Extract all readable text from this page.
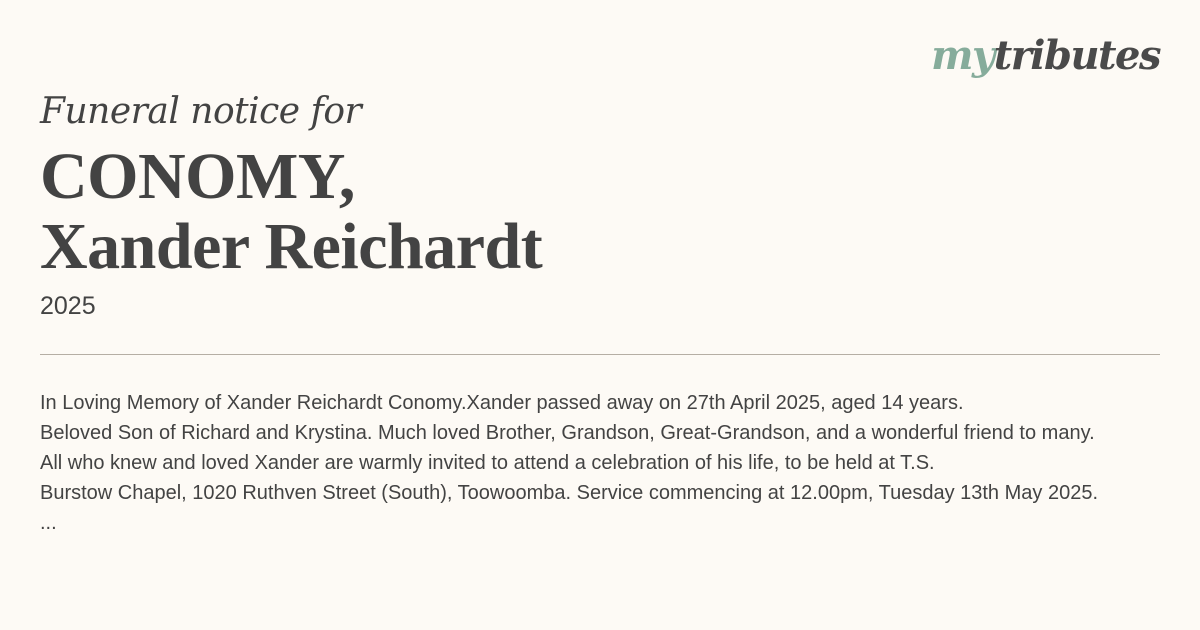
mytributes
Funeral notice for
CONOMY,
Xander Reichardt
2025
In Loving Memory of Xander Reichardt Conomy.Xander passed away on 27th April 2025, aged 14 years.
Beloved Son of Richard and Krystina. Much loved Brother, Grandson, Great-Grandson, and a wonderful friend to many.
All who knew and loved Xander are warmly invited to attend a celebration of his life, to be held at T.S.
Burstow Chapel, 1020 Ruthven Street (South), Toowoomba. Service commencing at 12.00pm, Tuesday 13th May 2025.
...
